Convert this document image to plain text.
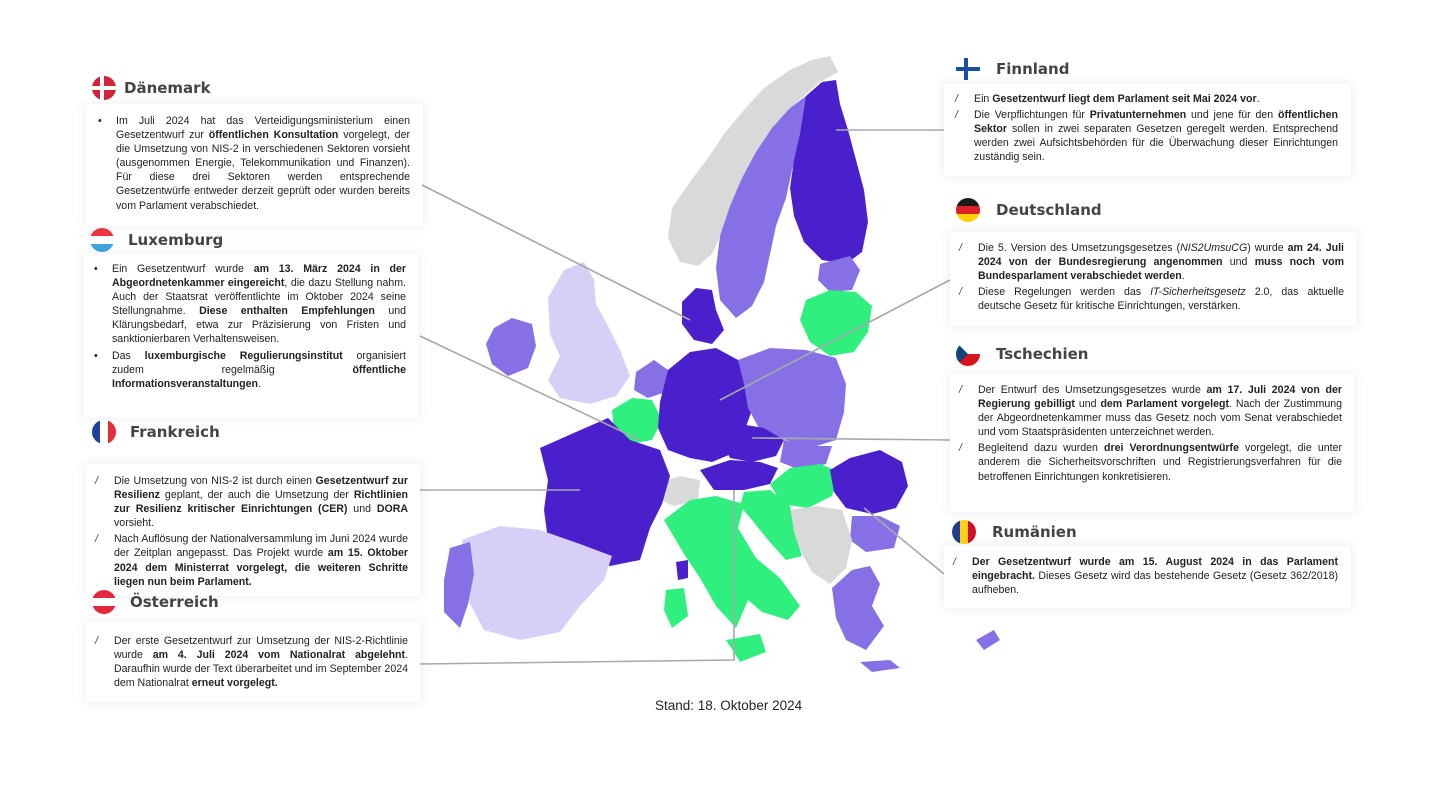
Dänemark
• Im Juli 2024 hat das Verteidigungsministerium einen Gesetzentwurf zur öffentlichen Konsultation vorgelegt, der die Umsetzung von NIS-2 in verschiedenen Sektoren vorsieht (ausgenommen Energie, Telekommunikation und Finanzen). Für diese drei Sektoren werden entsprechende Gesetzentwürfe entweder derzeit geprüft oder wurden bereits vom Parlament verabschiedet.
Luxemburg
• Ein Gesetzentwurf wurde am 13. März 2024 in der Abgeordnetenkammer eingereicht, die dazu Stellung nahm. Auch der Staatsrat veröffentlichte im Oktober 2024 seine Stellungnahme. Diese enthalten Empfehlungen und Klärungsbedarf, etwa zur Präzisierung von Fristen und sanktionierbaren Verhaltensweisen.
• Das luxemburgische Regulierungsinstitut organisiert zudem regelmäßig öffentliche Informationsveranstaltungen.
Frankreich
/ Die Umsetzung von NIS-2 ist durch einen Gesetzentwurf zur Resilienz geplant, der auch die Umsetzung der Richtlinien zur Resilienz kritischer Einrichtungen (CER) und DORA vorsieht.
/ Nach Auflösung der Nationalversammlung im Juni 2024 wurde der Zeitplan angepasst. Das Projekt wurde am 15. Oktober 2024 dem Ministerrat vorgelegt, die weiteren Schritte liegen nun beim Parlament.
Österreich
/ Der erste Gesetzentwurf zur Umsetzung der NIS-2-Richtlinie wurde am 4. Juli 2024 vom Nationalrat abgelehnt. Daraufhin wurde der Text überarbeitet und im September 2024 dem Nationalrat erneut vorgelegt.
Finnland
/ Ein Gesetzentwurf liegt dem Parlament seit Mai 2024 vor.
/ Die Verpflichtungen für Privatunternehmen und jene für den öffentlichen Sektor sollen in zwei separaten Gesetzen geregelt werden. Entsprechend werden zwei Aufsichtsbehörden für die Überwachung dieser Einrichtungen zuständig sein.
Deutschland
/ Die 5. Version des Umsetzungsgesetzes (NIS2UmsuCG) wurde am 24. Juli 2024 von der Bundesregierung angenommen und muss noch vom Bundesparlament verabschiedet werden.
/ Diese Regelungen werden das IT-Sicherheitsgesetz 2.0, das aktuelle deutsche Gesetz für kritische Einrichtungen, verstärken.
Tschechien
/ Der Entwurf des Umsetzungsgesetzes wurde am 17. Juli 2024 von der Regierung gebilligt und dem Parlament vorgelegt. Nach der Zustimmung der Abgeordnetenkammer muss das Gesetz noch vom Senat verabschiedet und vom Staatspräsidenten unterzeichnet werden.
/ Begleitend dazu wurden drei Verordnungsentwürfe vorgelegt, die unter anderem die Sicherheitsvorschriften und Registrierungsverfahren für die betroffenen Einrichtungen konkretisieren.
Rumänien
/ Der Gesetzentwurf wurde am 15. August 2024 in das Parlament eingebracht. Dieses Gesetz wird das bestehende Gesetz (Gesetz 362/2018) aufheben.
Stand: 18. Oktober 2024
